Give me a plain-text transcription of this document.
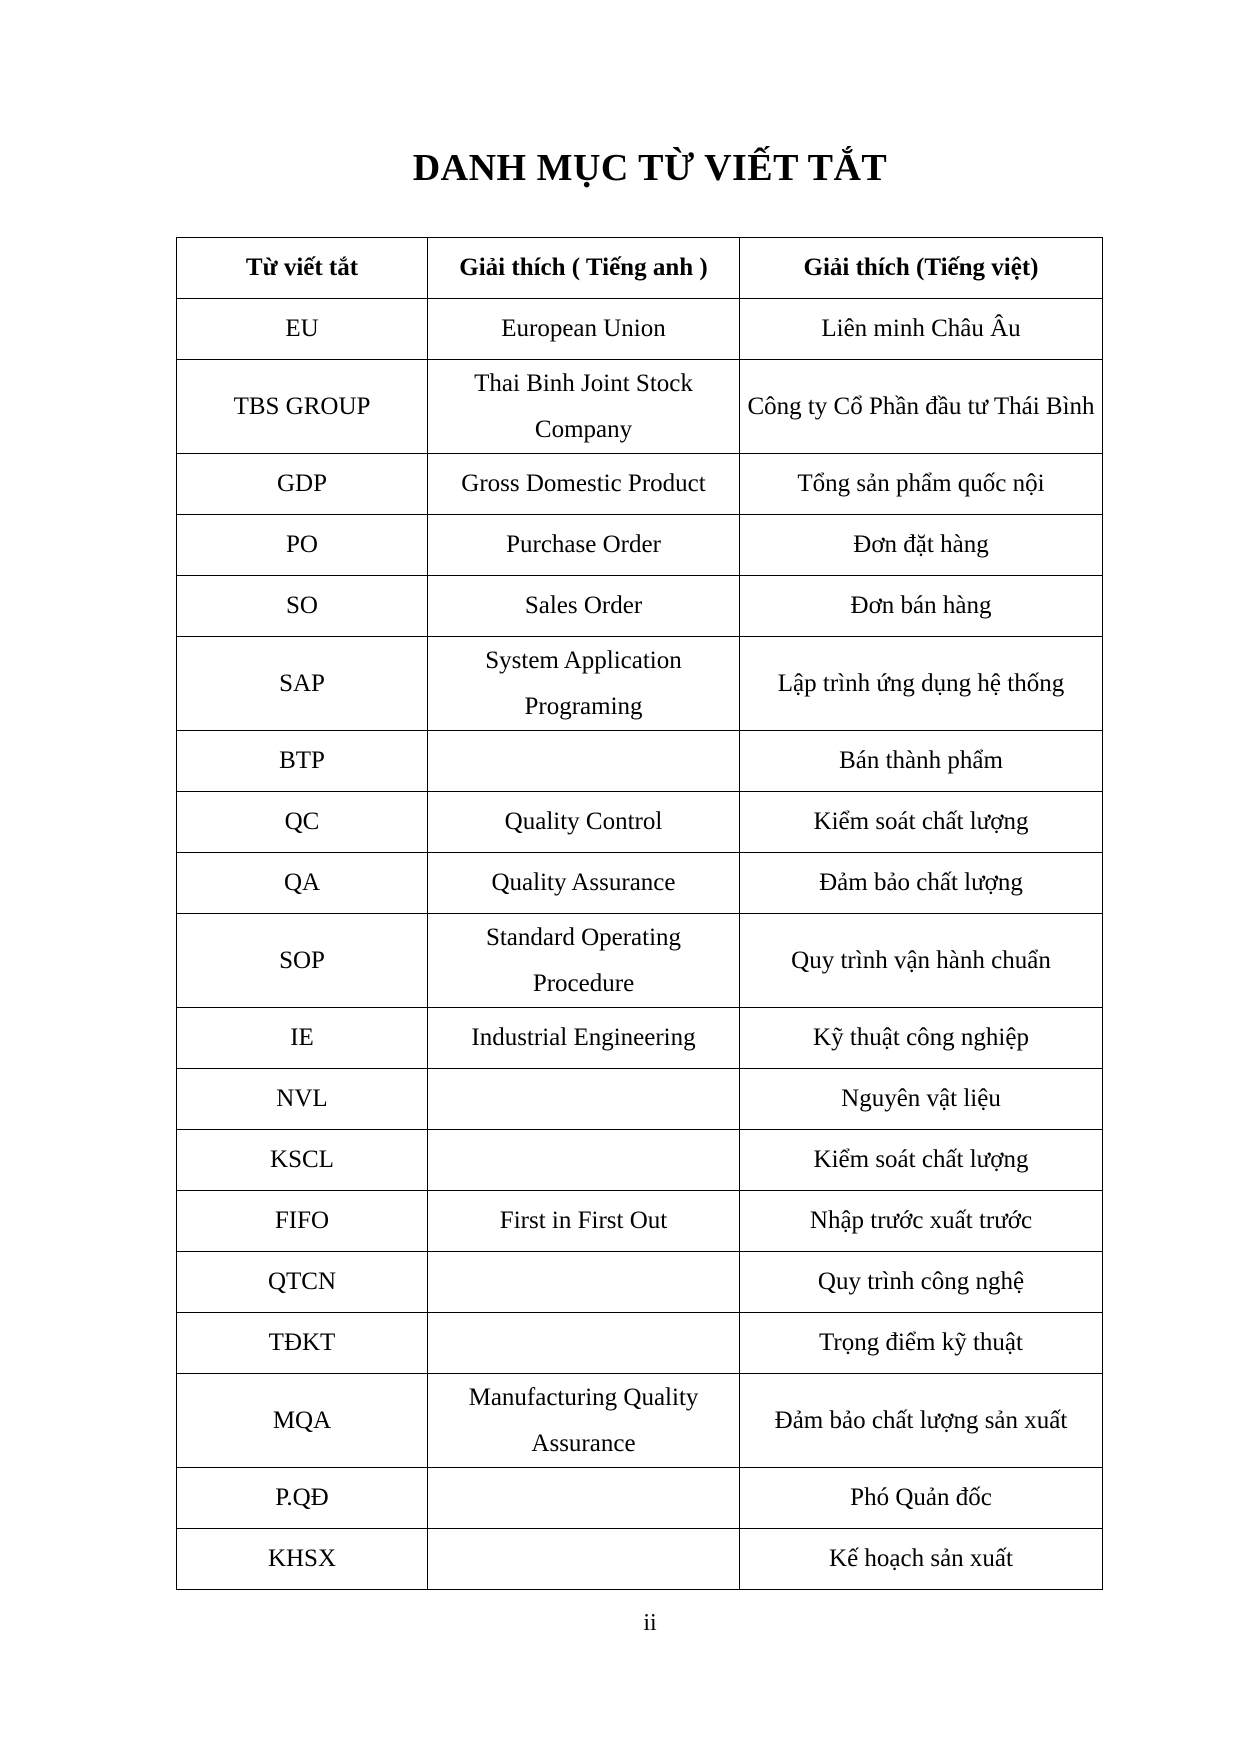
DANH MỤC TỪ VIẾT TẮT
Từ viết tắt	Giải thích ( Tiếng anh )	Giải thích (Tiếng việt)
EU	European Union	Liên minh Châu Âu
TBS GROUP	Thai Binh Joint Stock Company	Công ty Cổ Phần đầu tư Thái Bình
GDP	Gross Domestic Product	Tổng sản phẩm quốc nội
PO	Purchase Order	Đơn đặt hàng
SO	Sales Order	Đơn bán hàng
SAP	System Application Programing	Lập trình ứng dụng hệ thống
BTP		Bán thành phẩm
QC	Quality Control	Kiểm soát chất lượng
QA	Quality Assurance	Đảm bảo chất lượng
SOP	Standard Operating Procedure	Quy trình vận hành chuẩn
IE	Industrial Engineering	Kỹ thuật công nghiệp
NVL		Nguyên vật liệu
KSCL		Kiểm soát chất lượng
FIFO	First in First Out	Nhập trước xuất trước
QTCN		Quy trình công nghệ
TĐKT		Trọng điểm kỹ thuật
MQA	Manufacturing Quality Assurance	Đảm bảo chất lượng sản xuất
P.QĐ		Phó Quản đốc
KHSX		Kế hoạch sản xuất
ii
